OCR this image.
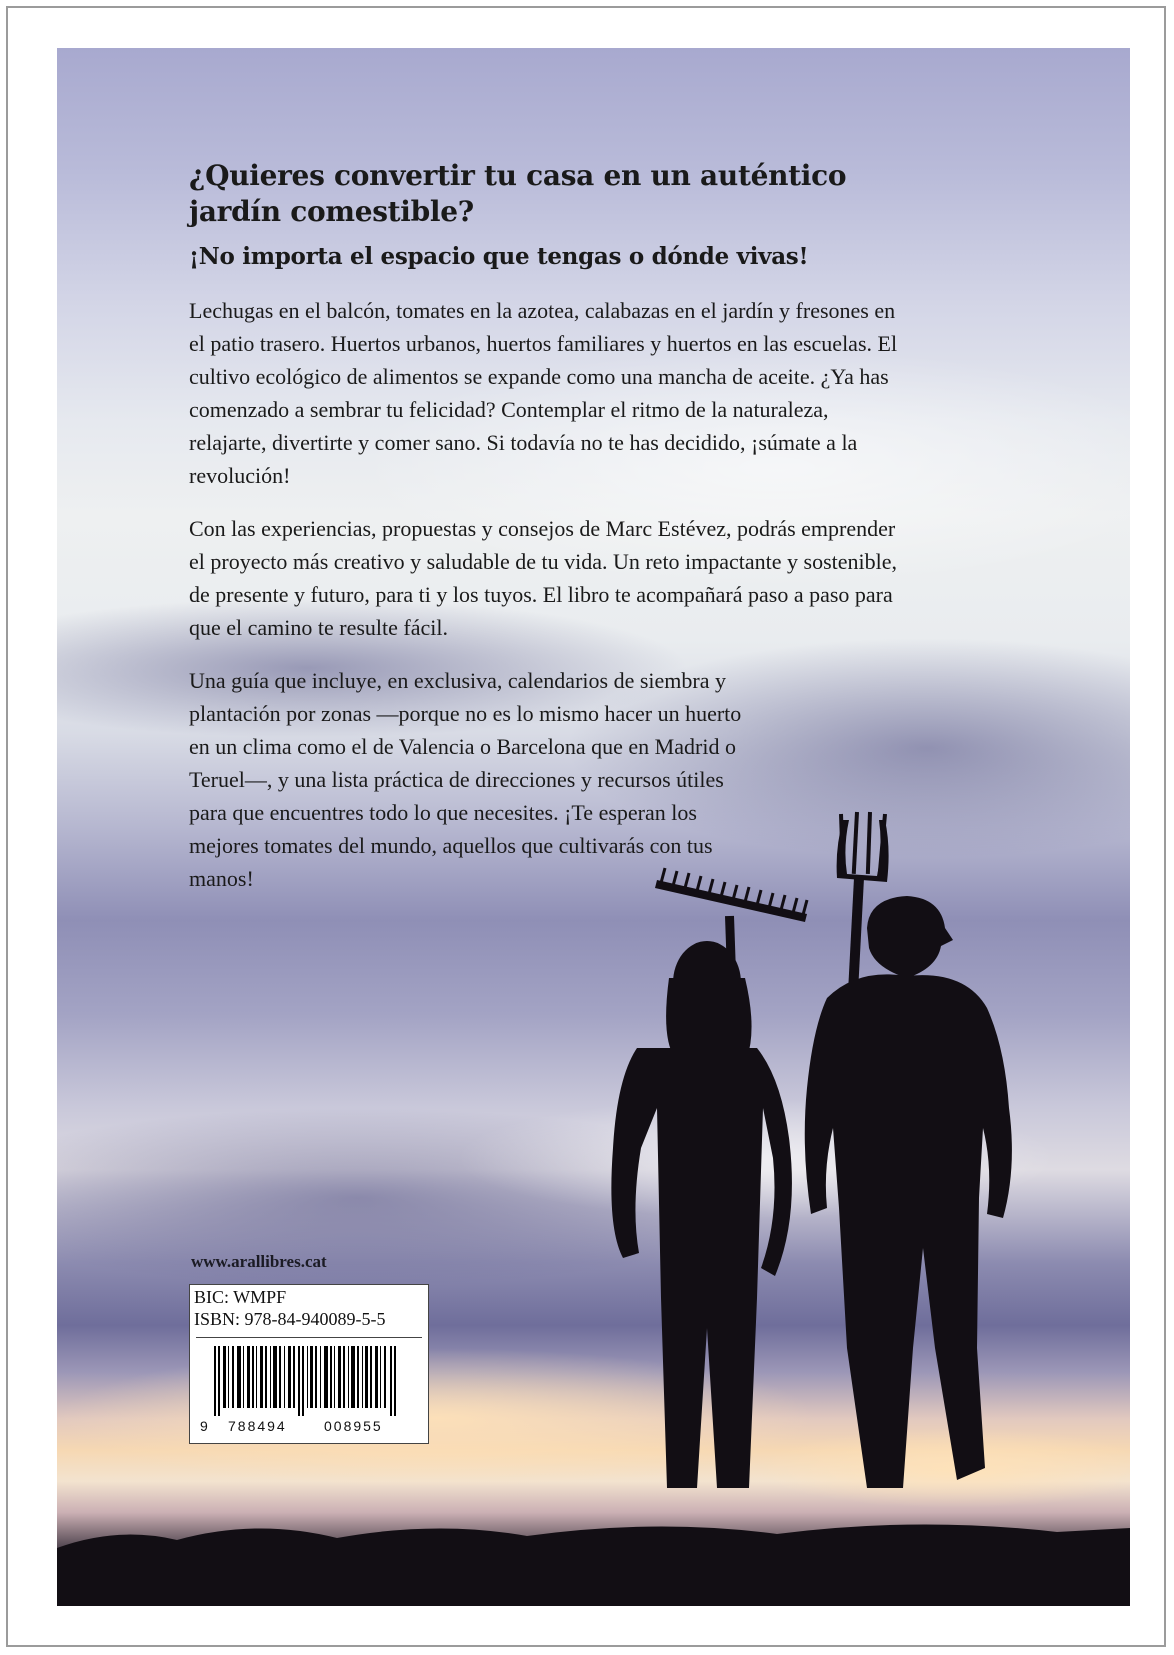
¿Quieres convertir tu casa en un auténtico jardín comestible?
¡No importa el espacio que tengas o dónde vivas!

Lechugas en el balcón, tomates en la azotea, calabazas en el jardín y fresones en el patio trasero. Huertos urbanos, huertos familiares y huertos en las escuelas. El cultivo ecológico de alimentos se expande como una mancha de aceite. ¿Ya has comenzado a sembrar tu felicidad? Contemplar el ritmo de la naturaleza, relajarte, divertirte y comer sano. Si todavía no te has decidido, ¡súmate a la revolución!

Con las experiencias, propuestas y consejos de Marc Estévez, podrás emprender el proyecto más creativo y saludable de tu vida. Un reto impactante y sostenible, de presente y futuro, para ti y los tuyos. El libro te acompañará paso a paso para que el camino te resulte fácil.

Una guía que incluye, en exclusiva, calendarios de siembra y plantación por zonas —porque no es lo mismo hacer un huerto en un clima como el de Valencia o Barcelona que en Madrid o Teruel—, y una lista práctica de direcciones y recursos útiles para que encuentres todo lo que necesites. ¡Te esperan los mejores tomates del mundo, aquellos que cultivarás con tus manos!

www.arallibres.cat
BIC: WMPF
ISBN: 978-84-940089-5-5
9 788494	008955
